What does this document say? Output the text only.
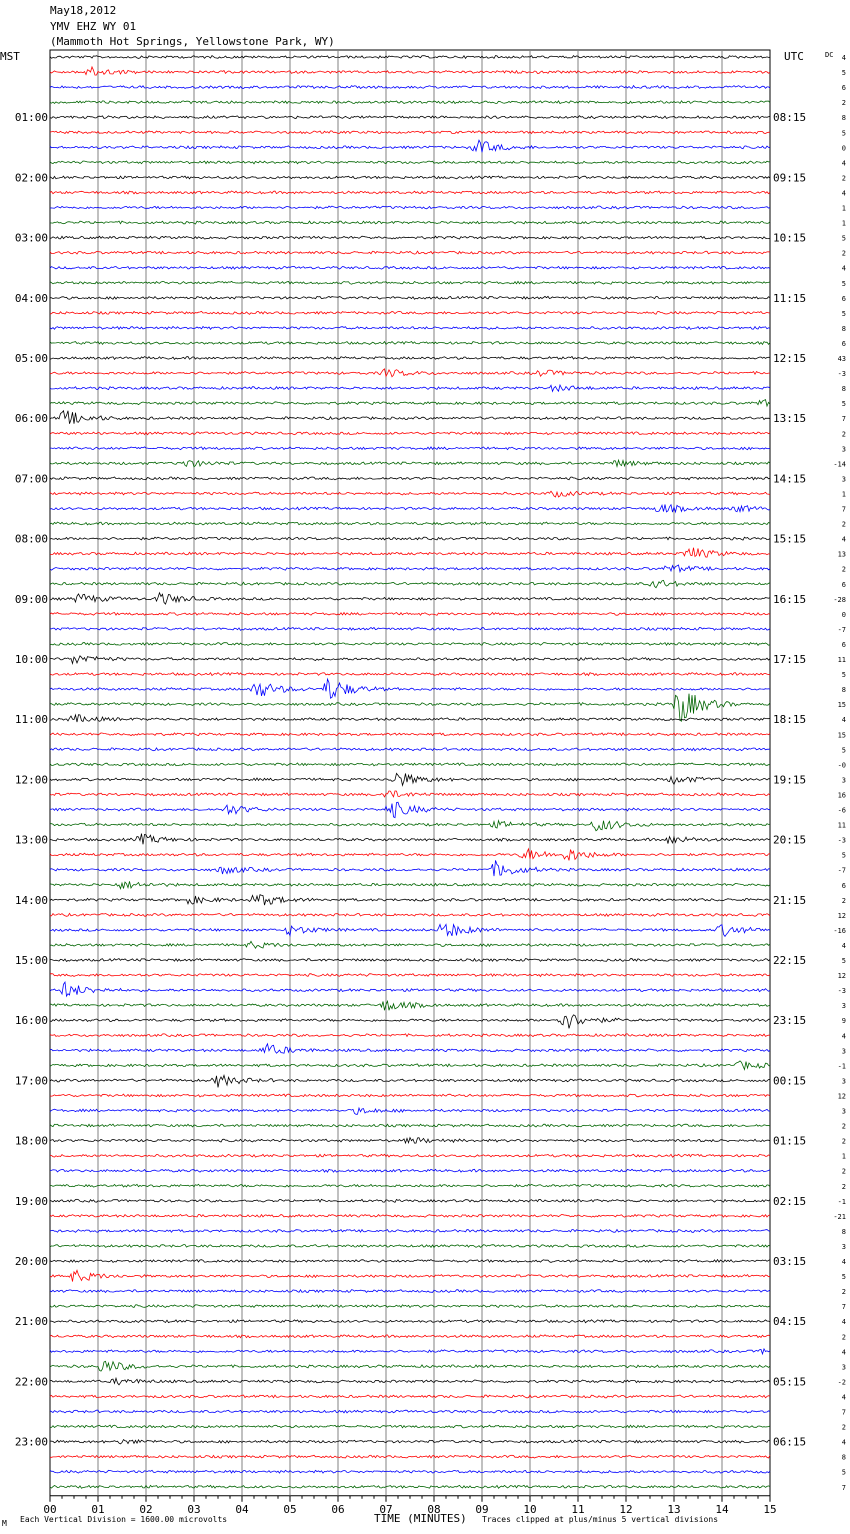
May18,2012
YMV EHZ WY 01
(Mammoth Hot Springs, Yellowstone Park, WY)
MST	UTC	DC
00	01	02	03	04	05	06	07	08	09	10	11	12	13	14	15
4
5
6
2
8
01:00	08:15
5
0
4
2
02:00	09:15
4
1
1
5
03:00	10:15
2
4
5
6
04:00	11:15
5
8
6
43
05:00	12:15
-3
8
5
7
06:00	13:15
2
3
-14
3
07:00	14:15
1
7
2
4
08:00	15:15
13
2
6
-28
09:00	16:15
0
-7
6
11
10:00	17:15
5
8
15
4
11:00	18:15
15
5
-0
3
12:00	19:15
16
-6
11
-3
13:00	20:15
5
-7
6
2
14:00	21:15
12
-16
4
5
15:00	22:15
12
-3
3
9
16:00	23:15
4
3
-1
3
17:00	00:15
12
3
2
2
18:00	01:15
1
2
2
-1
19:00	02:15
-21
8
3
4
20:00	03:15
5
2
7
4
21:00	04:15
2
4
3
-2
22:00	05:15
4
7
2
4
23:00	06:15
8
5
7
M Each Vertical Division = 1600.00 microvolts	TIME (MINUTES) Traces clipped at plus/minus 5 vertical divisions
